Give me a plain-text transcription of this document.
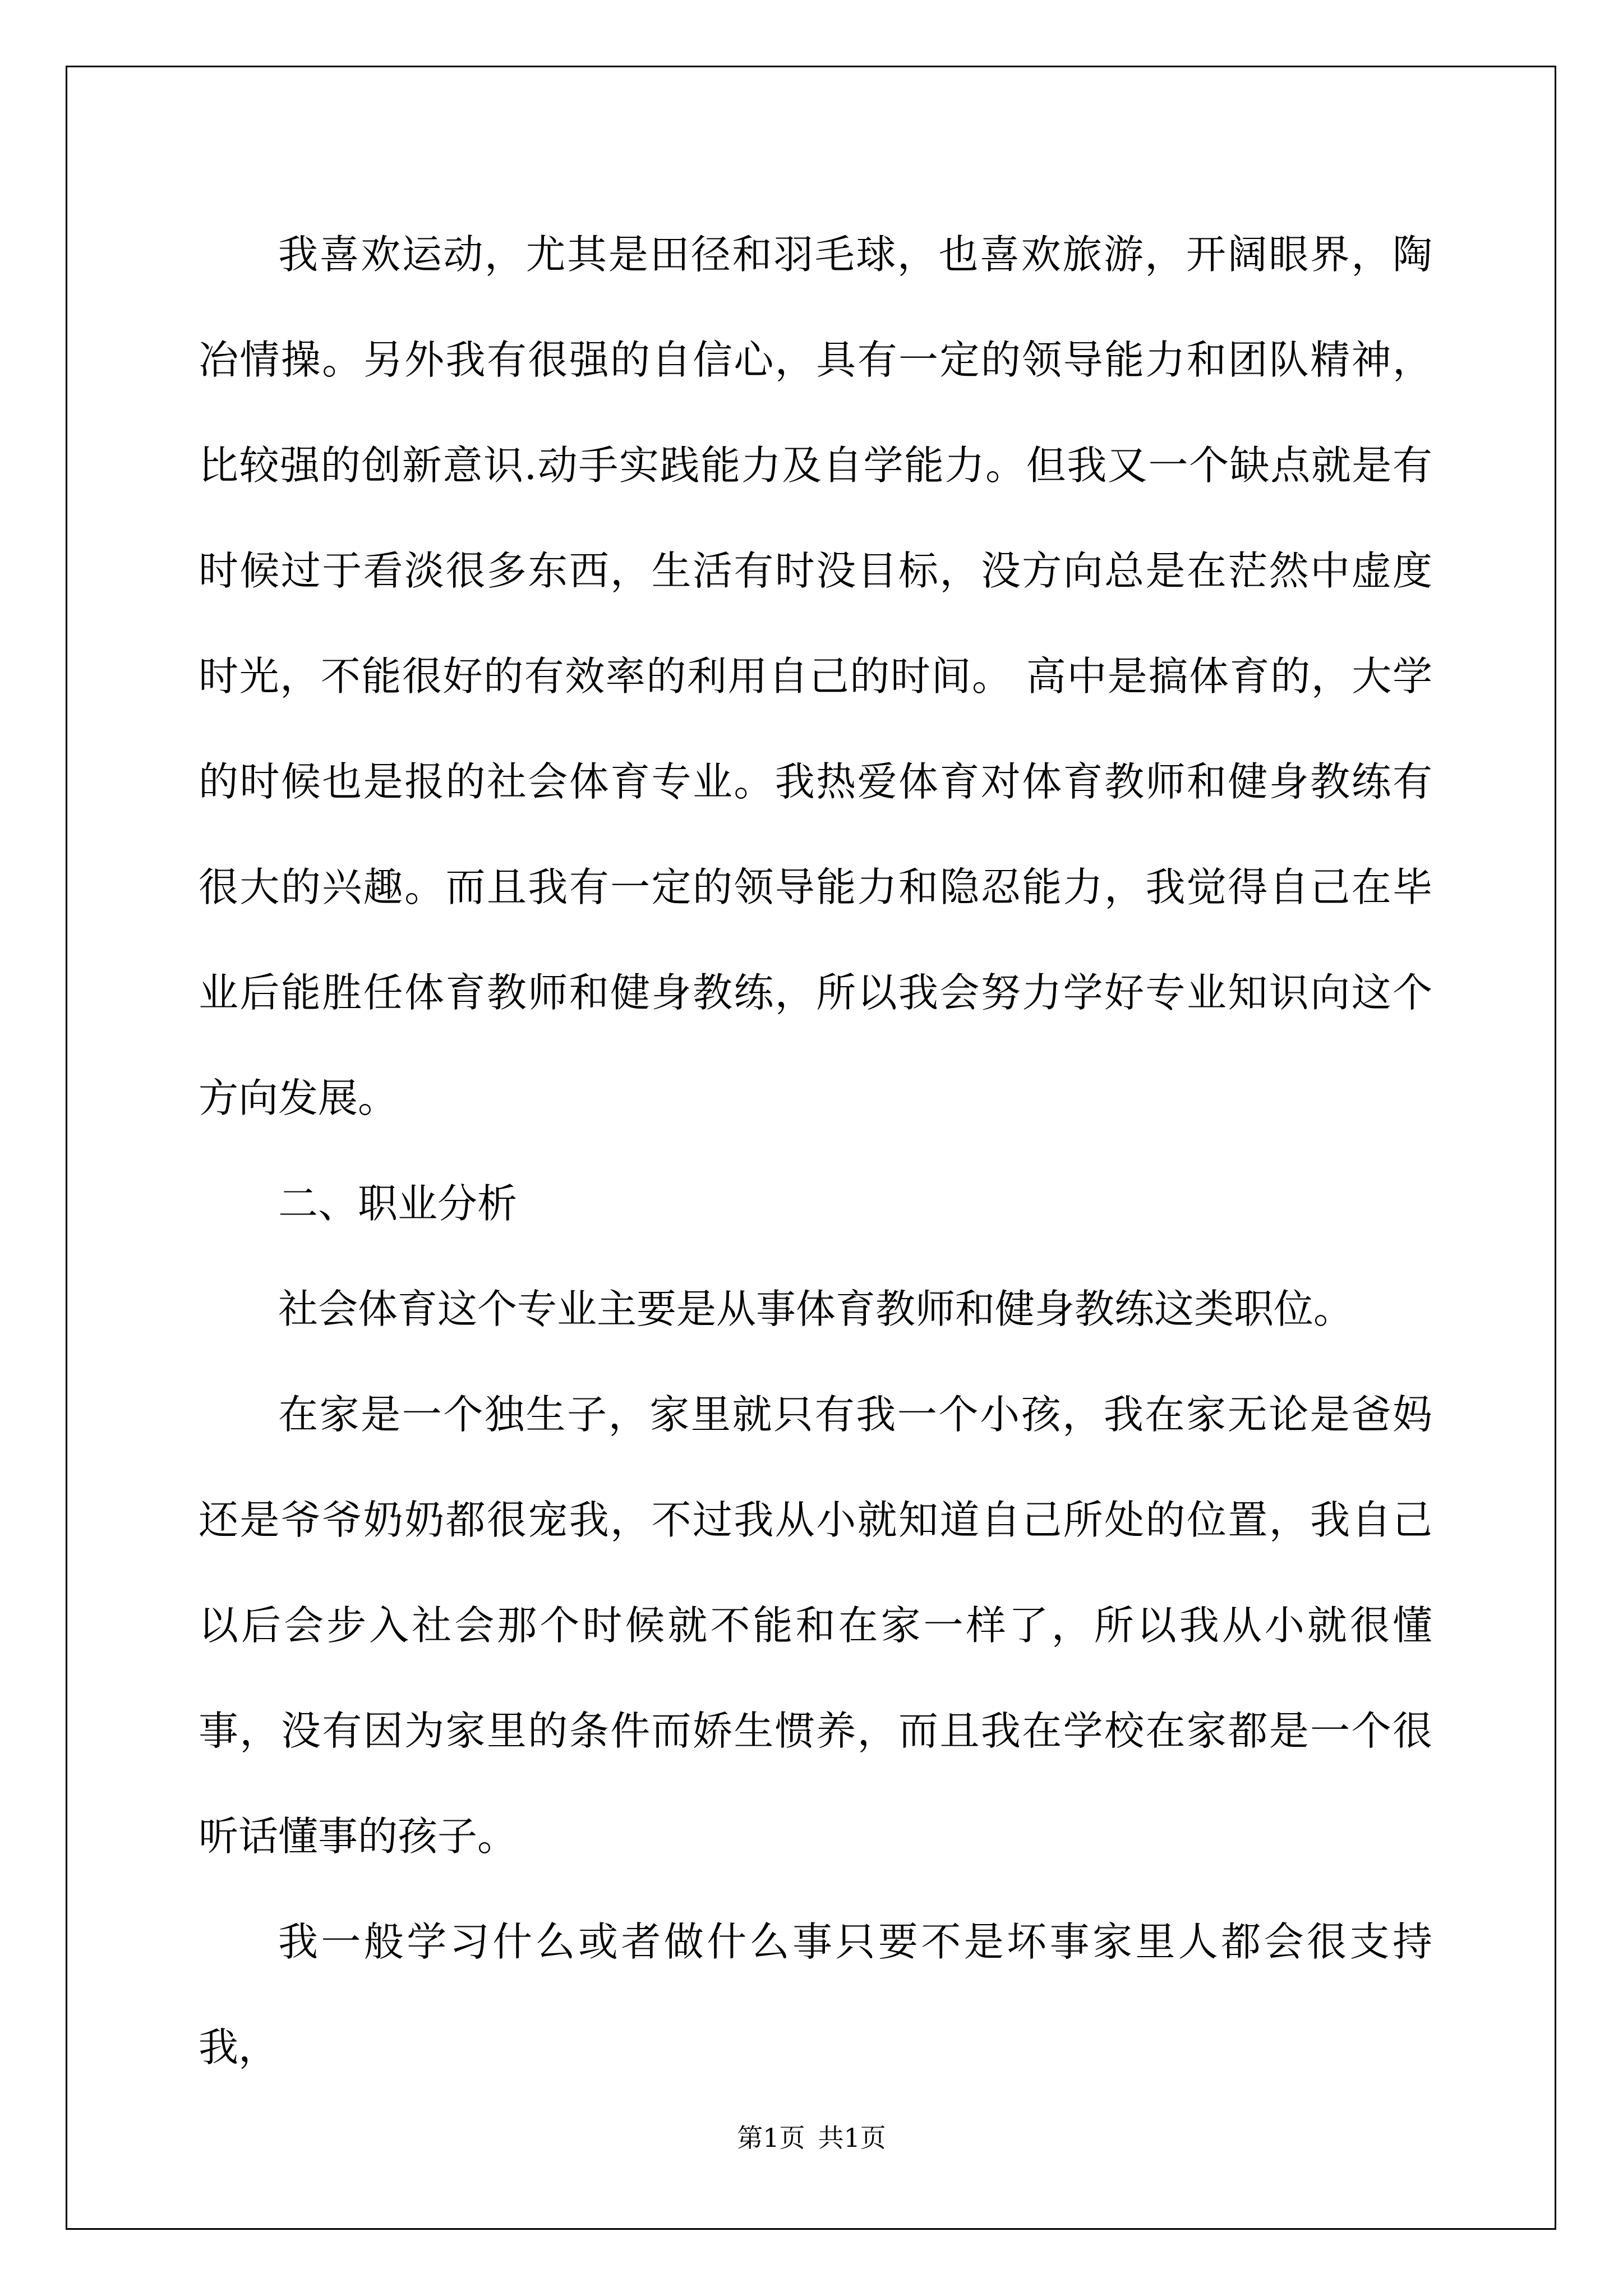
我喜欢运动，尤其是田径和羽毛球，也喜欢旅游，开阔眼界，陶冶情操。另外我有很强的自信心，具有一定的领导能力和团队精神，比较强的创新意识.动手实践能力及自学能力。但我又一个缺点就是有时候过于看淡很多东西，生活有时没目标，没方向总是在茫然中虚度时光，不能很好的有效率的利用自己的时间。 高中是搞体育的，大学的时候也是报的社会体育专业。我热爱体育对体育教师和健身教练有很大的兴趣。而且我有一定的领导能力和隐忍能力，我觉得自己在毕业后能胜任体育教师和健身教练，所以我会努力学好专业知识向这个方向发展。

二、职业分析

社会体育这个专业主要是从事体育教师和健身教练这类职位。

在家是一个独生子，家里就只有我一个小孩，我在家无论是爸妈还是爷爷奶奶都很宠我，不过我从小就知道自己所处的位置，我自己以后会步入社会那个时候就不能和在家一样了，所以我从小就很懂事，没有因为家里的条件而娇生惯养，而且我在学校在家都是一个很听话懂事的孩子。

我一般学习什么或者做什么事只要不是坏事家里人都会很支持我，

第1页 共1页
